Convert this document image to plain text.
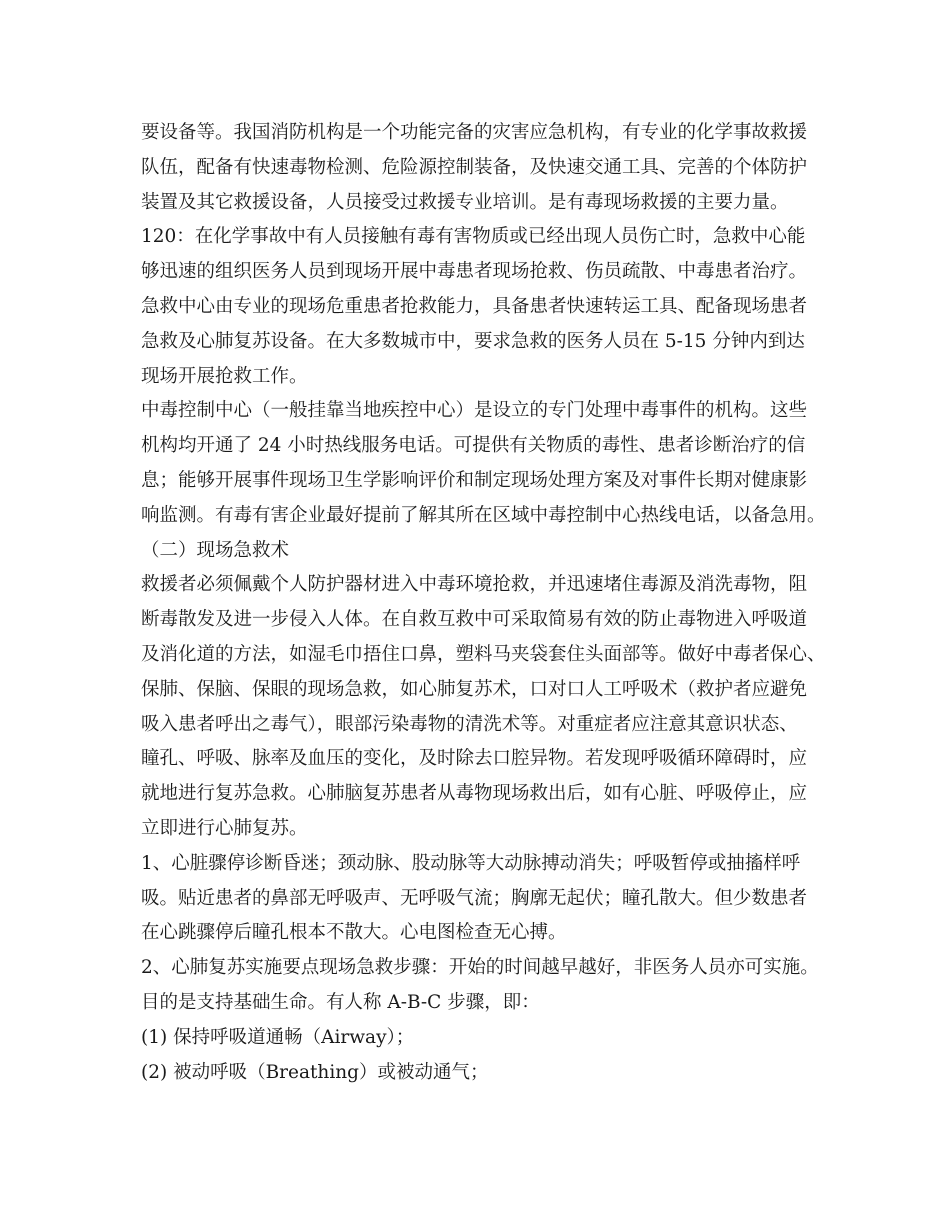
要设备等。我国消防机构是一个功能完备的灾害应急机构，有专业的化学事故救援
队伍，配备有快速毒物检测、危险源控制装备，及快速交通工具、完善的个体防护
装置及其它救援设备，人员接受过救援专业培训。是有毒现场救援的主要力量。
120：在化学事故中有人员接触有毒有害物质或已经出现人员伤亡时，急救中心能
够迅速的组织医务人员到现场开展中毒患者现场抢救、伤员疏散、中毒患者治疗。
急救中心由专业的现场危重患者抢救能力，具备患者快速转运工具、配备现场患者
急救及心肺复苏设备。在大多数城市中，要求急救的医务人员在 5-15 分钟内到达
现场开展抢救工作。
中毒控制中心（一般挂靠当地疾控中心）是设立的专门处理中毒事件的机构。这些
机构均开通了 24 小时热线服务电话。可提供有关物质的毒性、患者诊断治疗的信
息；能够开展事件现场卫生学影响评价和制定现场处理方案及对事件长期对健康影
响监测。有毒有害企业最好提前了解其所在区域中毒控制中心热线电话，以备急用。
（二）现场急救术
救援者必须佩戴个人防护器材进入中毒环境抢救，并迅速堵住毒源及消洗毒物，阻
断毒散发及进一步侵入人体。在自救互救中可采取简易有效的防止毒物进入呼吸道
及消化道的方法，如湿毛巾捂住口鼻，塑料马夹袋套住头面部等。做好中毒者保心、
保肺、保脑、保眼的现场急救，如心肺复苏术，口对口人工呼吸术（救护者应避免
吸入患者呼出之毒气），眼部污染毒物的清洗术等。对重症者应注意其意识状态、
瞳孔、呼吸、脉率及血压的变化，及时除去口腔异物。若发现呼吸循环障碍时，应
就地进行复苏急救。心肺脑复苏患者从毒物现场救出后，如有心脏、呼吸停止，应
立即进行心肺复苏。
1、心脏骤停诊断昏迷；颈动脉、股动脉等大动脉搏动消失；呼吸暂停或抽搐样呼
吸。贴近患者的鼻部无呼吸声、无呼吸气流；胸廓无起伏；瞳孔散大。但少数患者
在心跳骤停后瞳孔根本不散大。心电图检查无心搏。
2、心肺复苏实施要点现场急救步骤：开始的时间越早越好，非医务人员亦可实施。
目的是支持基础生命。有人称 A-B-C 步骤，即：
(1) 保持呼吸道通畅（Airway）；
(2) 被动呼吸（Breathing）或被动通气；
